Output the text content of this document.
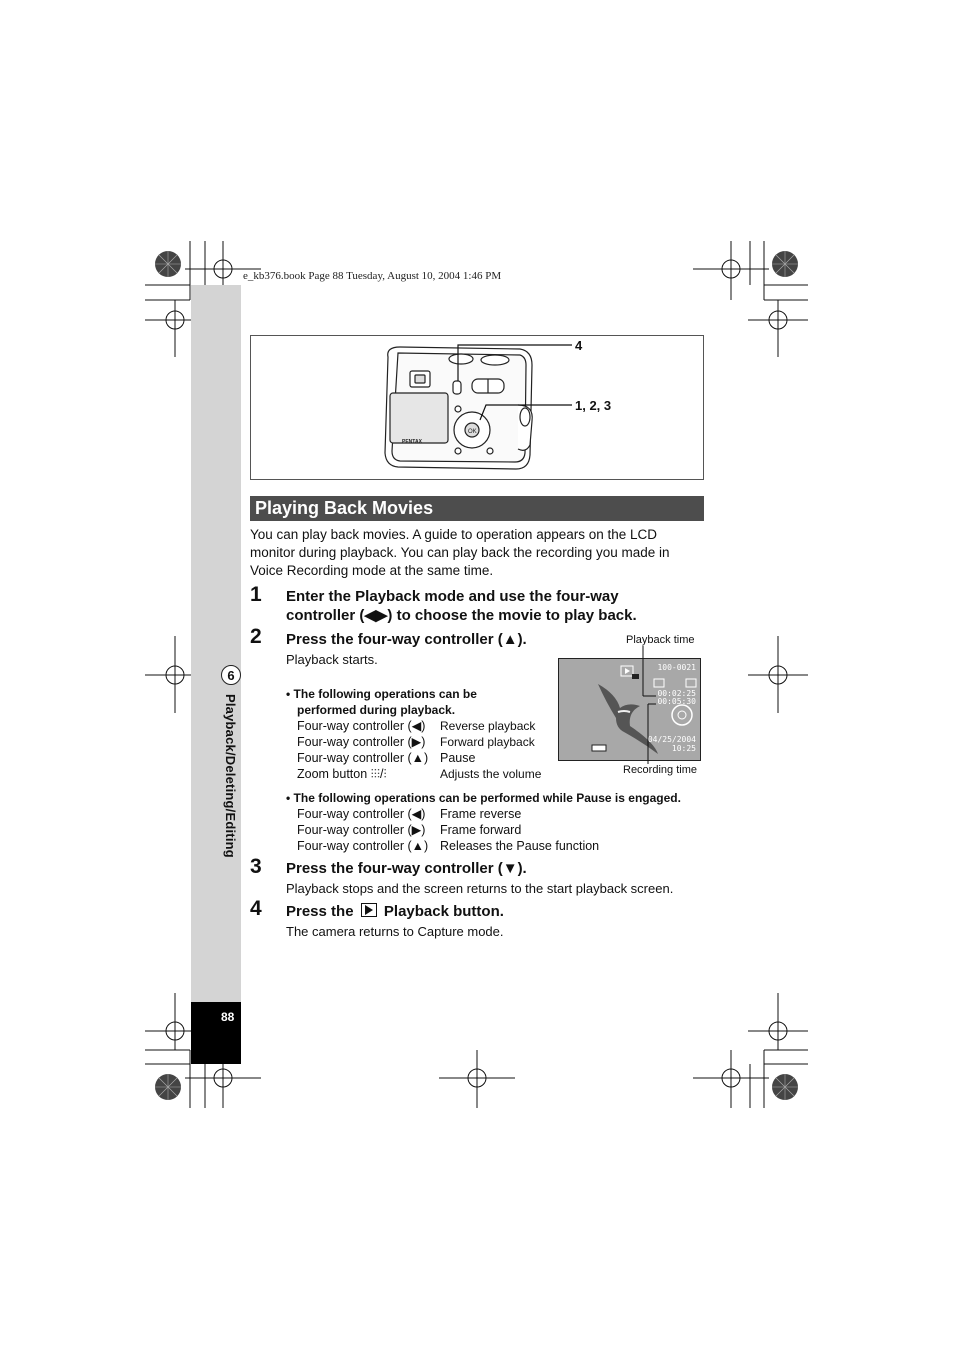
e_kb376.book Page 88 Tuesday, August 10, 2004 1:46 PM
6
Playback/Deleting/Editing
88
OK
PENTAX
4
1, 2, 3
Playing Back Movies
You can play back movies. A guide to operation appears on the LCD monitor during playback. You can play back the recording you made in Voice Recording mode at the same time.
1 Enter the Playback mode and use the four-way
controller (◀▶) to choose the movie to play back.
2 Press the four-way controller (▲).
Playback starts.
• The following operations can be
performed during playback.
Four-way controller (◀) Reverse playback
Four-way controller (▶) Forward playback
Four-way controller (▲) Pause
Zoom button ⫶⫶⫶/⫶	Adjusts the volume
Playback time
Recording time
100-0021
00:02:25
00:05:30
04/25/2004
10:25
• The following operations can be performed while Pause is engaged.
Four-way controller (◀) Frame reverse
Four-way controller (▶) Frame forward
Four-way controller (▲) Releases the Pause function
3 Press the four-way controller (▼).
Playback stops and the screen returns to the start playback screen.
4 Press the Playback button.
The camera returns to Capture mode.
